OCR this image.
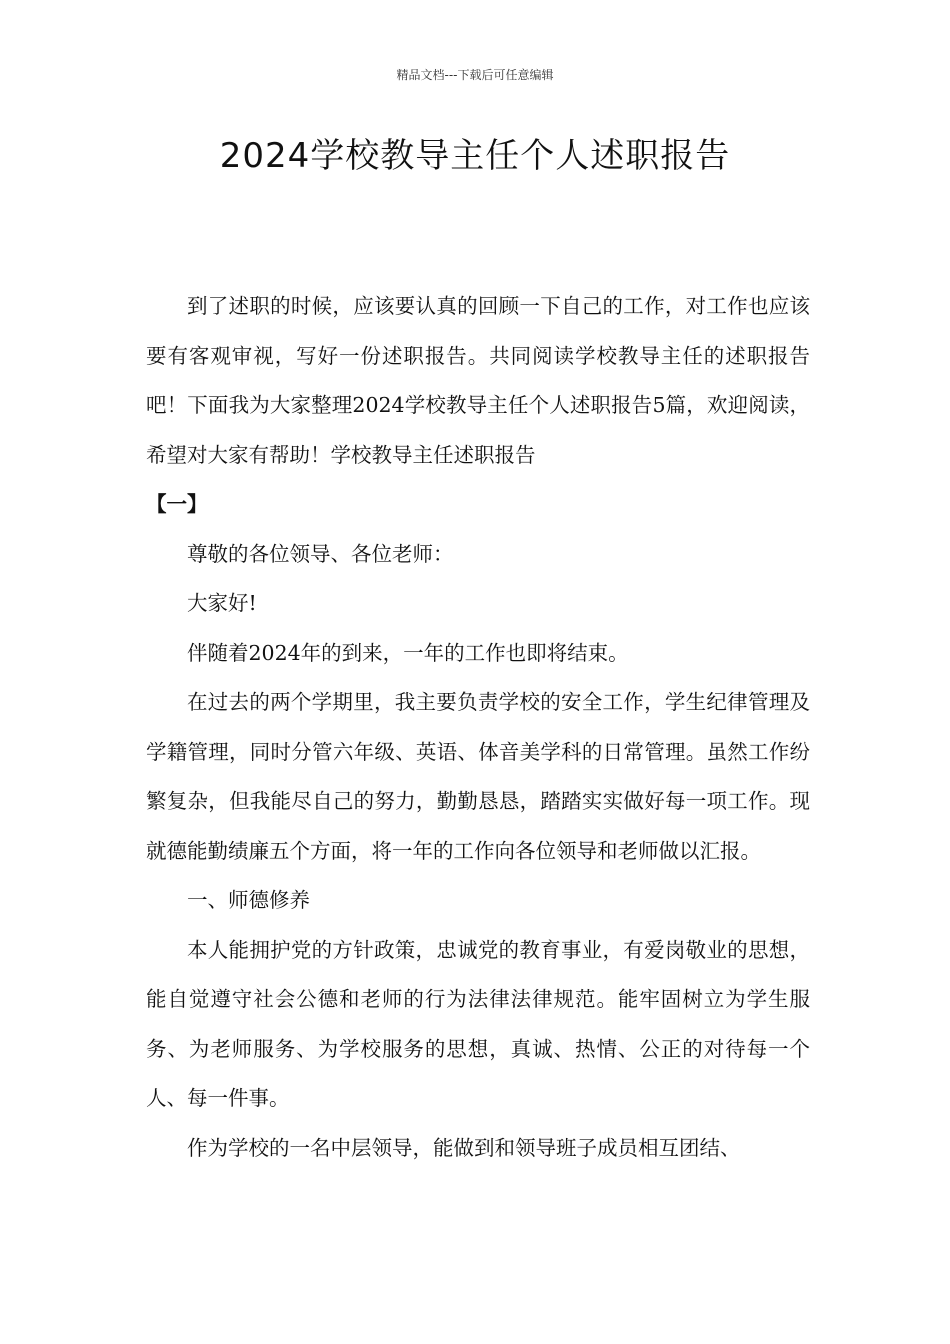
精品文档---下载后可任意编辑
2024学校教导主任个人述职报告

到了述职的时候，应该要认真的回顾一下自己的工作，对工作也应该要有客观审视，写好一份述职报告。共同阅读学校教导主任的述职报告吧！下面我为大家整理2024学校教导主任个人述职报告5篇，欢迎阅读，希望对大家有帮助！学校教导主任述职报告

【一】

尊敬的各位领导、各位老师：

大家好!

伴随着2024年的到来，一年的工作也即将结束。

在过去的两个学期里，我主要负责学校的安全工作，学生纪律管理及学籍管理，同时分管六年级、英语、体音美学科的日常管理。虽然工作纷繁复杂，但我能尽自己的努力，勤勤恳恳，踏踏实实做好每一项工作。现就德能勤绩廉五个方面，将一年的工作向各位领导和老师做以汇报。

一、师德修养

本人能拥护党的方针政策，忠诚党的教育事业，有爱岗敬业的思想，能自觉遵守社会公德和老师的行为法律法律规范。能牢固树立为学生服务、为老师服务、为学校服务的思想，真诚、热情、公正的对待每一个人、每一件事。

作为学校的一名中层领导，能做到和领导班子成员相互团结、
